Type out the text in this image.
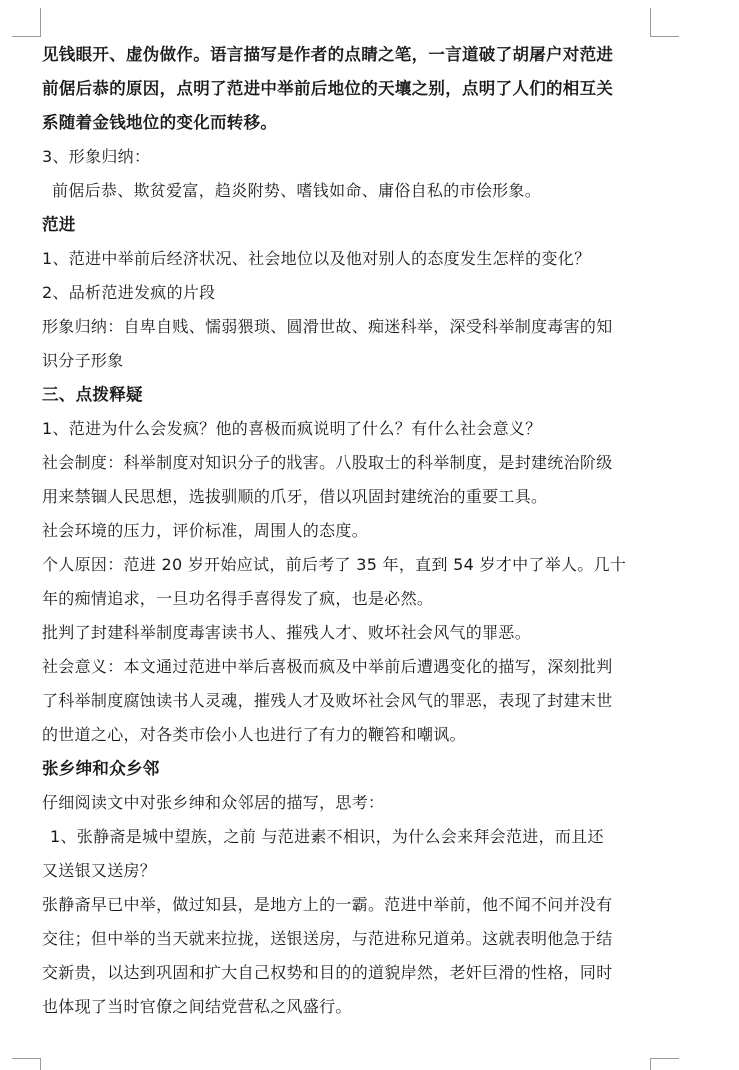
见钱眼开、虚伪做作。语言描写是作者的点睛之笔，一言道破了胡屠户对范进
前倨后恭的原因，点明了范进中举前后地位的天壤之别，点明了人们的相互关
系随着金钱地位的变化而转移。
3、形象归纳：
前倨后恭、欺贫爱富，趋炎附势、嗜钱如命、庸俗自私的市侩形象。
范进
1、范进中举前后经济状况、社会地位以及他对别人的态度发生怎样的变化？
2、品析范进发疯的片段
形象归纳：自卑自贱、懦弱猥琐、圆滑世故、痴迷科举，深受科举制度毒害的知
识分子形象
三、点拨释疑
1、范进为什么会发疯？他的喜极而疯说明了什么？有什么社会意义？
社会制度：科举制度对知识分子的戕害。八股取士的科举制度，是封建统治阶级
用来禁锢人民思想，选拔驯顺的爪牙，借以巩固封建统治的重要工具。
社会环境的压力，评价标准，周围人的态度。
个人原因：范进 20 岁开始应试，前后考了 35 年，直到 54 岁才中了举人。几十
年的痴情追求，一旦功名得手喜得发了疯，也是必然。
批判了封建科举制度毒害读书人、摧残人才、败坏社会风气的罪恶。
社会意义：本文通过范进中举后喜极而疯及中举前后遭遇变化的描写，深刻批判
了科举制度腐蚀读书人灵魂，摧残人才及败坏社会风气的罪恶，表现了封建末世
的世道之心，对各类市侩小人也进行了有力的鞭笞和嘲讽。
张乡绅和众乡邻
仔细阅读文中对张乡绅和众邻居的描写，思考：
1、张静斋是城中望族，之前 与范进素不相识，为什么会来拜会范进，而且还
又送银又送房？
张静斋早已中举，做过知县，是地方上的一霸。范进中举前，他不闻不问并没有
交往；但中举的当天就来拉拢，送银送房，与范进称兄道弟。这就表明他急于结
交新贵，以达到巩固和扩大自己权势和目的的道貌岸然，老奸巨滑的性格，同时
也体现了当时官僚之间结党营私之风盛行。
